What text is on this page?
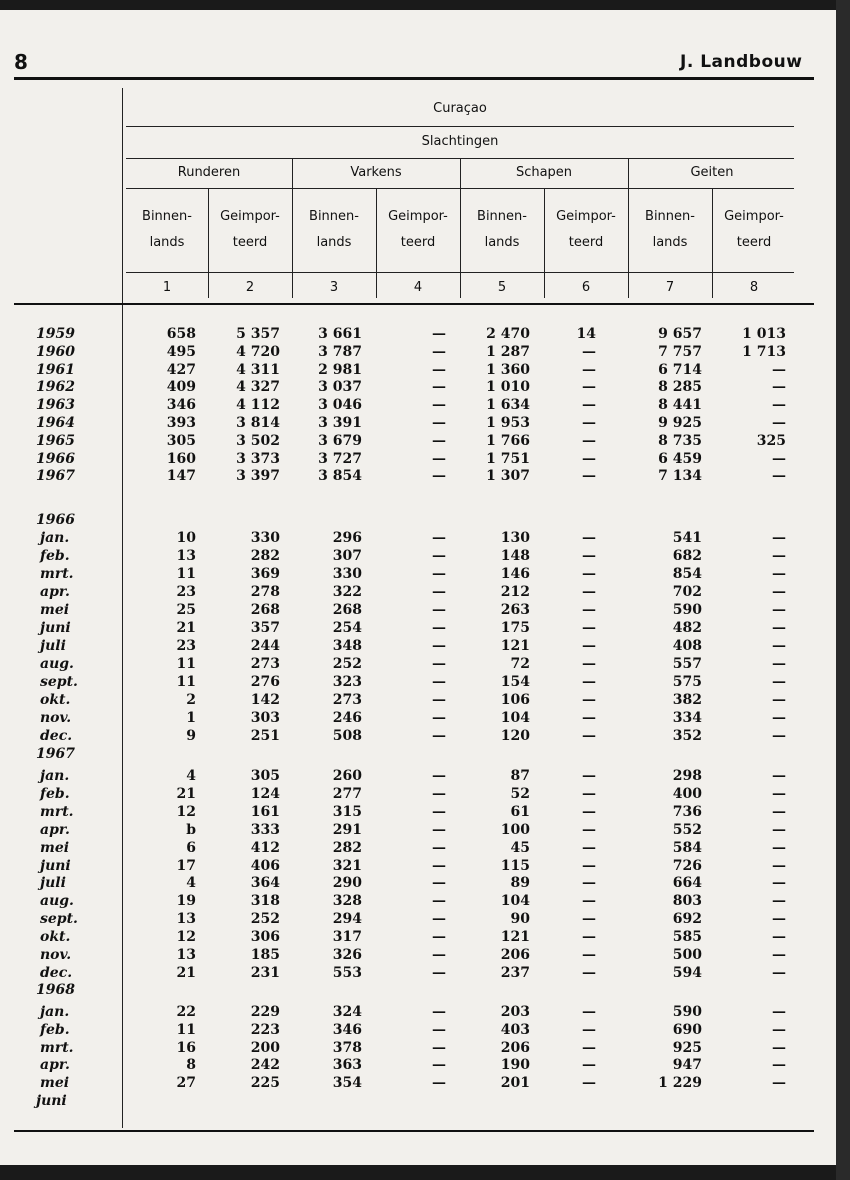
8	J. Landbouw
Curaçao
Slachtingen
Runderen	Varkens	Schapen	Geiten
Binnen-
lands
Geimpor-
teerd
Binnen-
lands
Geimpor-
teerd
Binnen-
lands
Geimpor-
teerd
Binnen-
lands
Geimpor-
teerd
1	2	3	4	5	6	7	8
1959	658	5 357	3 661	—	2 470	14	9 657	1 013
1960	495	4 720	3 787	—	1 287	—	7 757	1 713
1961	427	4 311	2 981	—	1 360	—	6 714	—
1962	409	4 327	3 037	—	1 010	—	8 285	—
1963	346	4 112	3 046	—	1 634	—	8 441	—
1964	393	3 814	3 391	—	1 953	—	9 925	—
1965	305	3 502	3 679	—	1 766	—	8 735	325
1966	160	3 373	3 727	—	1 751	—	6 459	—
1967	147	3 397	3 854	—	1 307	—	7 134	—
1966
jan.	10	330	296	—	130	—	541	—
feb.	13	282	307	—	148	—	682	—
mrt.	11	369	330	—	146	—	854	—
apr.	23	278	322	—	212	—	702	—
mei	25	268	268	—	263	—	590	—
juni	21	357	254	—	175	—	482	—
juli	23	244	348	—	121	—	408	—
aug.	11	273	252	—	72	—	557	—
sept.	11	276	323	—	154	—	575	—
okt.	2	142	273	—	106	—	382	—
nov.	1	303	246	—	104	—	334	—
dec.	9	251	508	—	120	—	352	—
1967
jan.	4	305	260	—	87	—	298	—
feb.	21	124	277	—	52	—	400	—
mrt.	12	161	315	—	61	—	736	—
apr.	b	333	291	—	100	—	552	—
mei	6	412	282	—	45	—	584	—
juni	17	406	321	—	115	—	726	—
juli	4	364	290	—	89	—	664	—
aug.	19	318	328	—	104	—	803	—
sept.	13	252	294	—	90	—	692	—
okt.	12	306	317	—	121	—	585	—
nov.	13	185	326	—	206	—	500	—
dec.	21	231	553	—	237	—	594	—
1968
jan.	22	229	324	—	203	—	590	—
feb.	11	223	346	—	403	—	690	—
mrt.	16	200	378	—	206	—	925	—
apr.	8	242	363	—	190	—	947	—
mei	27	225	354	—	201	—	1 229	—
juni
